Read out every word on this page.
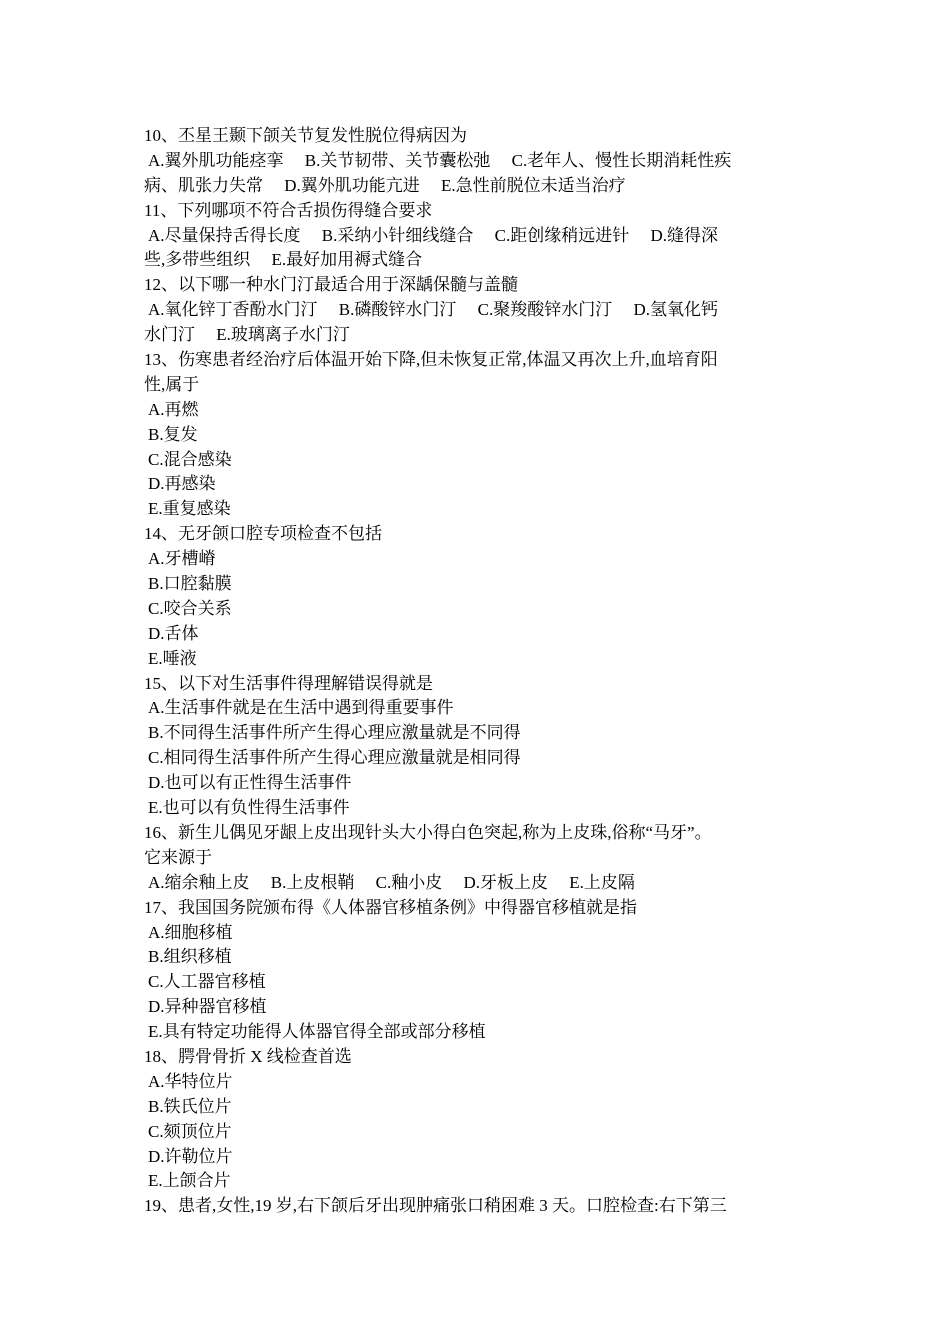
10、丕星王颞下颌关节复发性脱位得病因为
A.翼外肌功能痉挛　 B.关节韧带、关节囊松弛　 C.老年人、慢性长期消耗性疾
病、肌张力失常　 D.翼外肌功能亢进　 E.急性前脱位未适当治疗
11、下列哪项不符合舌损伤得缝合要求
A.尽量保持舌得长度　 B.采纳小针细线缝合　 C.距创缘稍远进针　 D.缝得深
些,多带些组织　 E.最好加用褥式缝合
12、以下哪一种水门汀最适合用于深龋保髓与盖髓
A.氧化锌丁香酚水门汀　 B.磷酸锌水门汀　 C.聚羧酸锌水门汀　 D.氢氧化钙
水门汀　 E.玻璃离子水门汀
13、伤寒患者经治疗后体温开始下降,但未恢复正常,体温又再次上升,血培育阳
性,属于
A.再燃
B.复发
C.混合感染
D.再感染
E.重复感染
14、无牙颌口腔专项检查不包括
A.牙槽嵴
B.口腔黏膜
C.咬合关系
D.舌体
E.唾液
15、以下对生活事件得理解错误得就是
A.生活事件就是在生活中遇到得重要事件
B.不同得生活事件所产生得心理应激量就是不同得
C.相同得生活事件所产生得心理应激量就是相同得
D.也可以有正性得生活事件
E.也可以有负性得生活事件
16、新生儿偶见牙龈上皮出现针头大小得白色突起,称为上皮珠,俗称“马牙”。
它来源于
A.缩余釉上皮　 B.上皮根鞘　 C.釉小皮　 D.牙板上皮　 E.上皮隔
17、我国国务院颁布得《人体器官移植条例》中得器官移植就是指
A.细胞移植
B.组织移植
C.人工器官移植
D.异种器官移植
E.具有特定功能得人体器官得全部或部分移植
18、腭骨骨折 X 线检查首选
A.华特位片
B.铁氏位片
C.颏顶位片
D.许勒位片
E.上颌合片
19、患者,女性,19 岁,右下颌后牙出现肿痛张口稍困难 3 天。口腔检查:右下第三
